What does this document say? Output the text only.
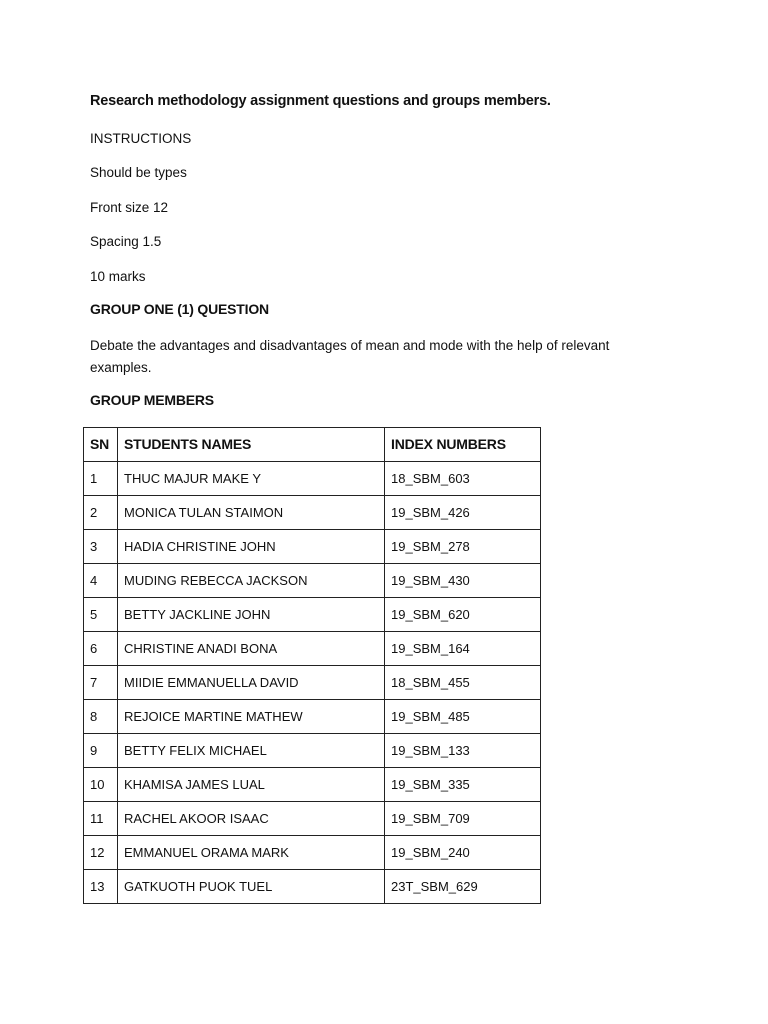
Research methodology assignment questions and groups members.
INSTRUCTIONS
Should be types
Front size 12
Spacing 1.5
10 marks
GROUP ONE (1) QUESTION
Debate the advantages and disadvantages of mean and mode with the help of relevant examples.
GROUP MEMBERS
SN	STUDENTS NAMES	INDEX NUMBERS
1	THUC MAJUR MAKE Y	18_SBM_603
2	MONICA TULAN STAIMON	19_SBM_426
3	HADIA CHRISTINE JOHN	19_SBM_278
4	MUDING REBECCA JACKSON	19_SBM_430
5	BETTY JACKLINE JOHN	19_SBM_620
6	CHRISTINE ANADI BONA	19_SBM_164
7	MIIDIE EMMANUELLA DAVID	18_SBM_455
8	REJOICE MARTINE MATHEW	19_SBM_485
9	BETTY FELIX MICHAEL	19_SBM_133
10	KHAMISA JAMES LUAL	19_SBM_335
11	RACHEL AKOOR ISAAC	19_SBM_709
12	EMMANUEL ORAMA MARK	19_SBM_240
13	GATKUOTH PUOK TUEL	23T_SBM_629
